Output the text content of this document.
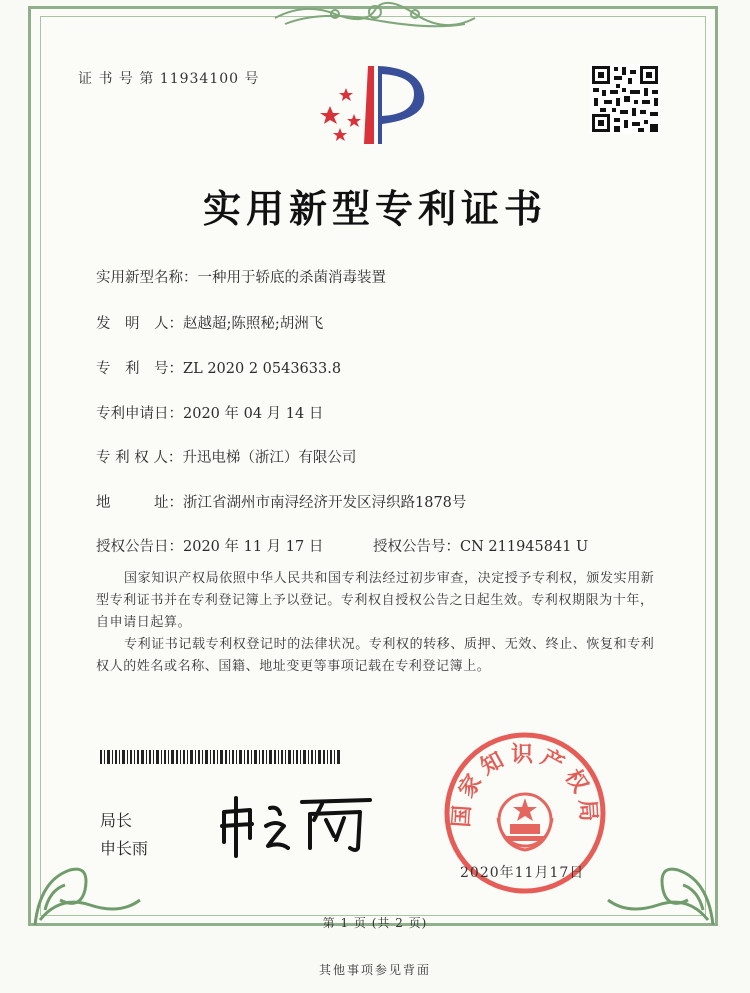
证 书 号 第 11934100 号
实用新型专利证书
实用新型名称：一种用于轿底的杀菌消毒装置
发　明　人：赵越超;陈照秘;胡洲飞
专　利　号：ZL 2020 2 0543633.8
专利申请日：2020 年 04 月 14 日
专 利 权 人：升迅电梯（浙江）有限公司
地　　　址：浙江省湖州市南浔经济开发区浔织路1878号
授权公告日：2020 年 11 月 17 日	授权公告号：CN 211945841 U
国家知识产权局依照中华人民共和国专利法经过初步审查，决定授予专利权，颁发实用新型专利证书并在专利登记簿上予以登记。专利权自授权公告之日起生效。专利权期限为十年，自申请日起算。
专利证书记载专利权登记时的法律状况。专利权的转移、质押、无效、终止、恢复和专利权人的姓名或名称、国籍、地址变更等事项记载在专利登记簿上。
局长
申长雨
国家知识产权局
2020年11月17日
第 1 页 (共 2 页)
其他事项参见背面
